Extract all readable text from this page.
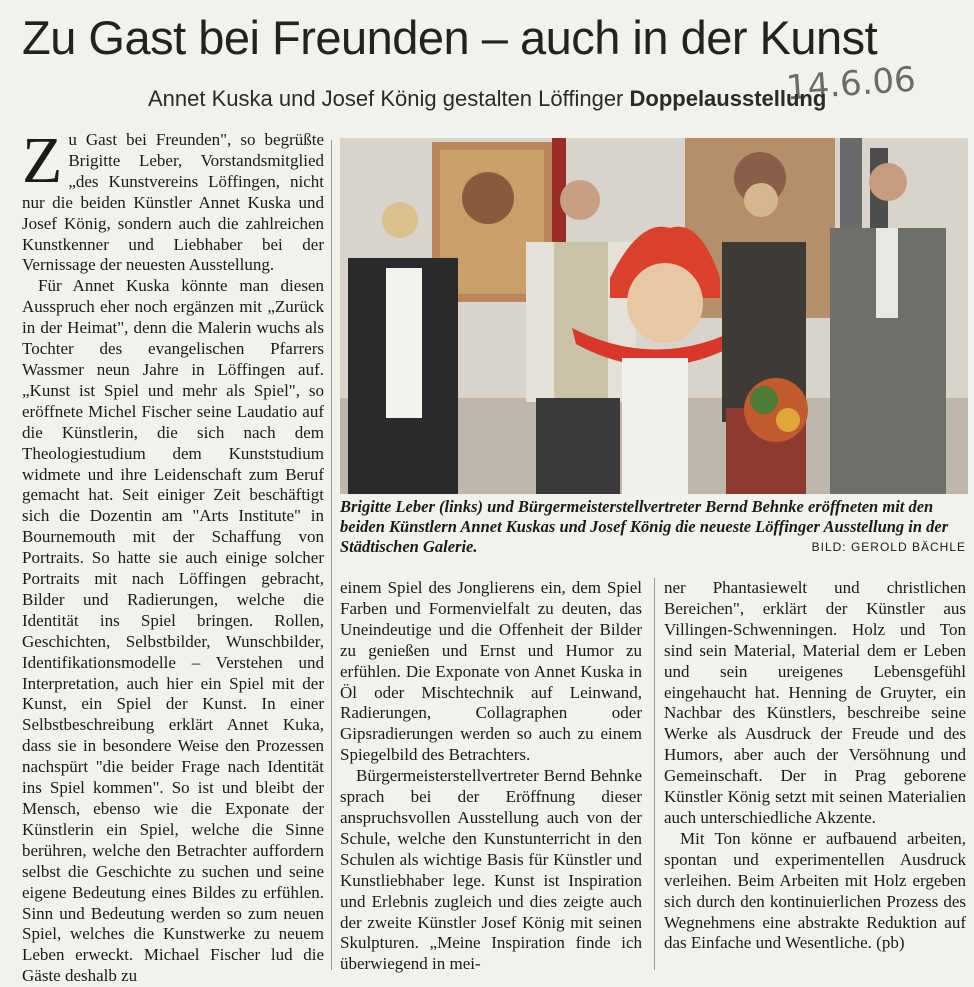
Zu Gast bei Freunden – auch in der Kunst
14.6.06
Annet Kuska und Josef König gestalten Löffinger Doppelausstellung

Zu Gast bei Freunden", so begrüßte Brigitte Leber, Vorstandsmitglied „des Kunstvereins Löffingen, nicht nur die beiden Künstler Annet Kuska und Josef König, sondern auch die zahlreichen Kunstkenner und Liebhaber bei der Vernissage der neuesten Ausstellung.

Für Annet Kuska könnte man diesen Ausspruch eher noch ergänzen mit „Zurück in der Heimat", denn die Malerin wuchs als Tochter des evangelischen Pfarrers Wassmer neun Jahre in Löffingen auf. „Kunst ist Spiel und mehr als Spiel", so eröffnete Michel Fischer seine Laudatio auf die Künstlerin, die sich nach dem Theologiestudium dem Kunststudium widmete und ihre Leidenschaft zum Beruf gemacht hat. Seit einiger Zeit beschäftigt sich die Dozentin am "Arts Institute" in Bournemouth mit der Schaffung von Portraits. So hatte sie auch einige solcher Portraits mit nach Löffingen gebracht, Bilder und Radierungen, welche die Identität ins Spiel bringen. Rollen, Geschichten, Selbstbilder, Wunschbilder, Identifikationsmodelle – Verstehen und Interpretation, auch hier ein Spiel mit der Kunst, ein Spiel der Kunst. In einer Selbstbeschreibung erklärt Annet Kuka, dass sie in besondere Weise den Prozessen nachspürt "die beider Frage nach Identität ins Spiel kommen". So ist und bleibt der Mensch, ebenso wie die Exponate der Künstlerin ein Spiel, welche die Sinne berühren, welche den Betrachter auffordern selbst die Geschichte zu suchen und seine eigene Bedeutung eines Bildes zu erfühlen. Sinn und Bedeutung werden so zum neuen Spiel, welches die Kunstwerke zu neuem Leben erweckt. Michael Fischer lud die Gäste deshalb zu

Brigitte Leber (links) und Bürgermeisterstellvertreter Bernd Behnke eröffneten mit den beiden Künstlern Annet Kuskas und Josef König die neueste Löffinger Ausstellung in der Städtischen Galerie.	BILD: GEROLD BÄCHLE

einem Spiel des Jonglierens ein, dem Spiel Farben und Formenvielfalt zu deuten, das Uneindeutige und die Offenheit der Bilder zu genießen und Ernst und Humor zu erfühlen. Die Exponate von Annet Kuska in Öl oder Mischtechnik auf Leinwand, Radierungen, Collagraphen oder Gipsradierungen werden so auch zu einem Spiegelbild des Betrachters.

Bürgermeisterstellvertreter Bernd Behnke sprach bei der Eröffnung dieser anspruchsvollen Ausstellung auch von der Schule, welche den Kunstunterricht in den Schulen als wichtige Basis für Künstler und Kunstliebhaber lege. Kunst ist Inspiration und Erlebnis zugleich und dies zeigte auch der zweite Künstler Josef König mit seinen Skulpturen. „Meine Inspiration finde ich überwiegend in mei-

ner Phantasiewelt und christlichen Bereichen", erklärt der Künstler aus Villingen-Schwenningen. Holz und Ton sind sein Material, Material dem er Leben und sein ureigenes Lebensgefühl eingehaucht hat. Henning de Gruyter, ein Nachbar des Künstlers, beschreibe seine Werke als Ausdruck der Freude und des Humors, aber auch der Versöhnung und Gemeinschaft. Der in Prag geborene Künstler König setzt mit seinen Materialien auch unterschiedliche Akzente.

Mit Ton könne er aufbauend arbeiten, spontan und experimentellen Ausdruck verleihen. Beim Arbeiten mit Holz ergeben sich durch den kontinuierlichen Prozess des Wegnehmens eine abstrakte Reduktion auf das Einfache und Wesentliche. (pb)
